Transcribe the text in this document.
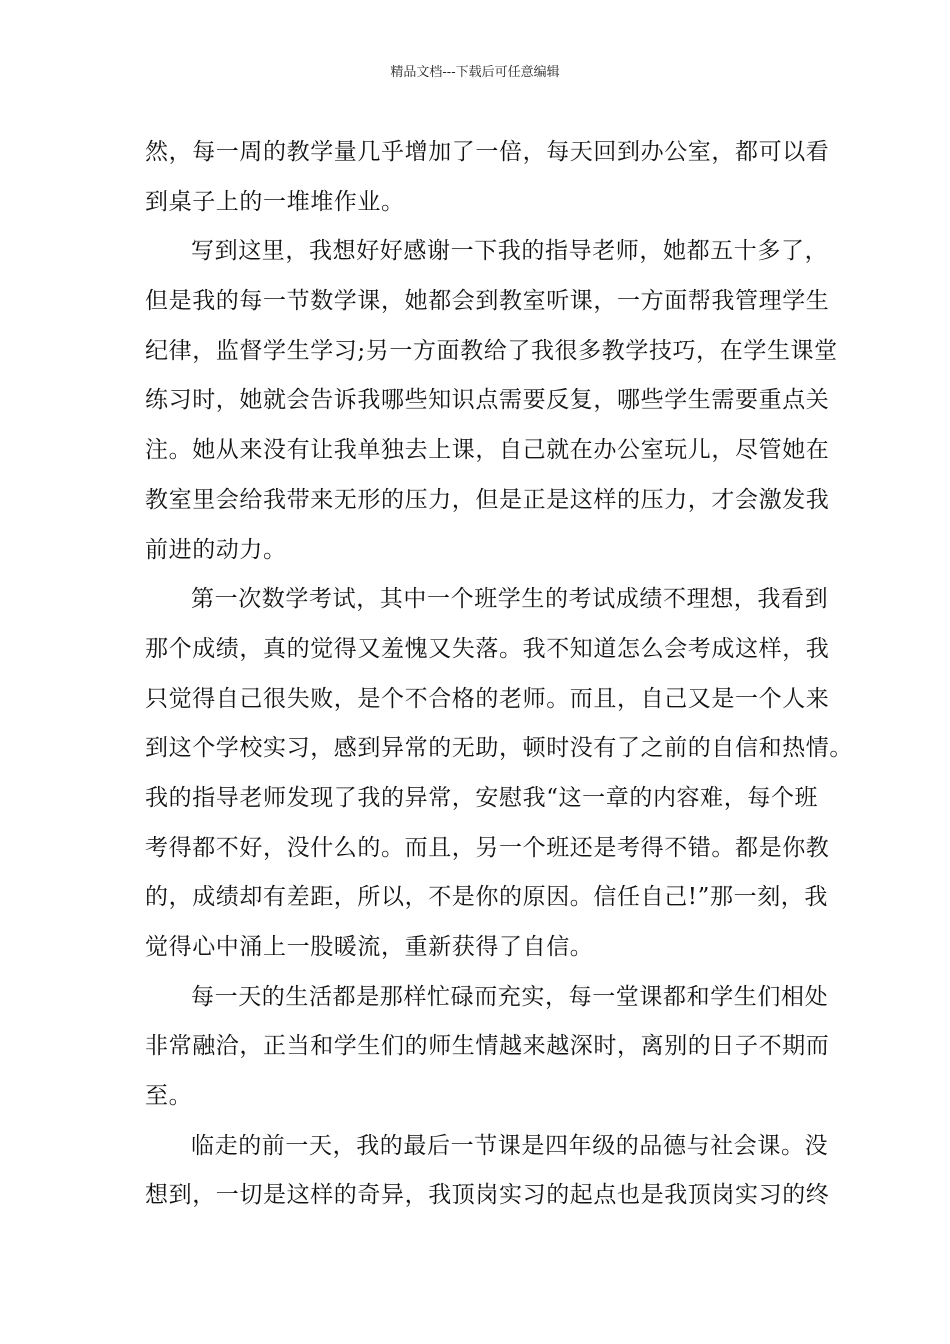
精品文档---下载后可任意编辑
然，每一周的教学量几乎增加了一倍，每天回到办公室，都可以看
到桌子上的一堆堆作业。
写到这里，我想好好感谢一下我的指导老师，她都五十多了，
但是我的每一节数学课，她都会到教室听课，一方面帮我管理学生
纪律，监督学生学习;另一方面教给了我很多教学技巧，在学生课堂
练习时，她就会告诉我哪些知识点需要反复，哪些学生需要重点关
注。她从来没有让我单独去上课，自己就在办公室玩儿，尽管她在
教室里会给我带来无形的压力，但是正是这样的压力，才会激发我
前进的动力。
第一次数学考试，其中一个班学生的考试成绩不理想，我看到
那个成绩，真的觉得又羞愧又失落。我不知道怎么会考成这样，我
只觉得自己很失败，是个不合格的老师。而且，自己又是一个人来
到这个学校实习，感到异常的无助，顿时没有了之前的自信和热情。
我的指导老师发现了我的异常，安慰我“这一章的内容难，每个班
考得都不好，没什么的。而且，另一个班还是考得不错。都是你教
的，成绩却有差距，所以，不是你的原因。信任自己!”那一刻，我
觉得心中涌上一股暖流，重新获得了自信。
每一天的生活都是那样忙碌而充实，每一堂课都和学生们相处
非常融洽，正当和学生们的师生情越来越深时，离别的日子不期而
至。
临走的前一天，我的最后一节课是四年级的品德与社会课。没
想到，一切是这样的奇异，我顶岗实习的起点也是我顶岗实习的终
